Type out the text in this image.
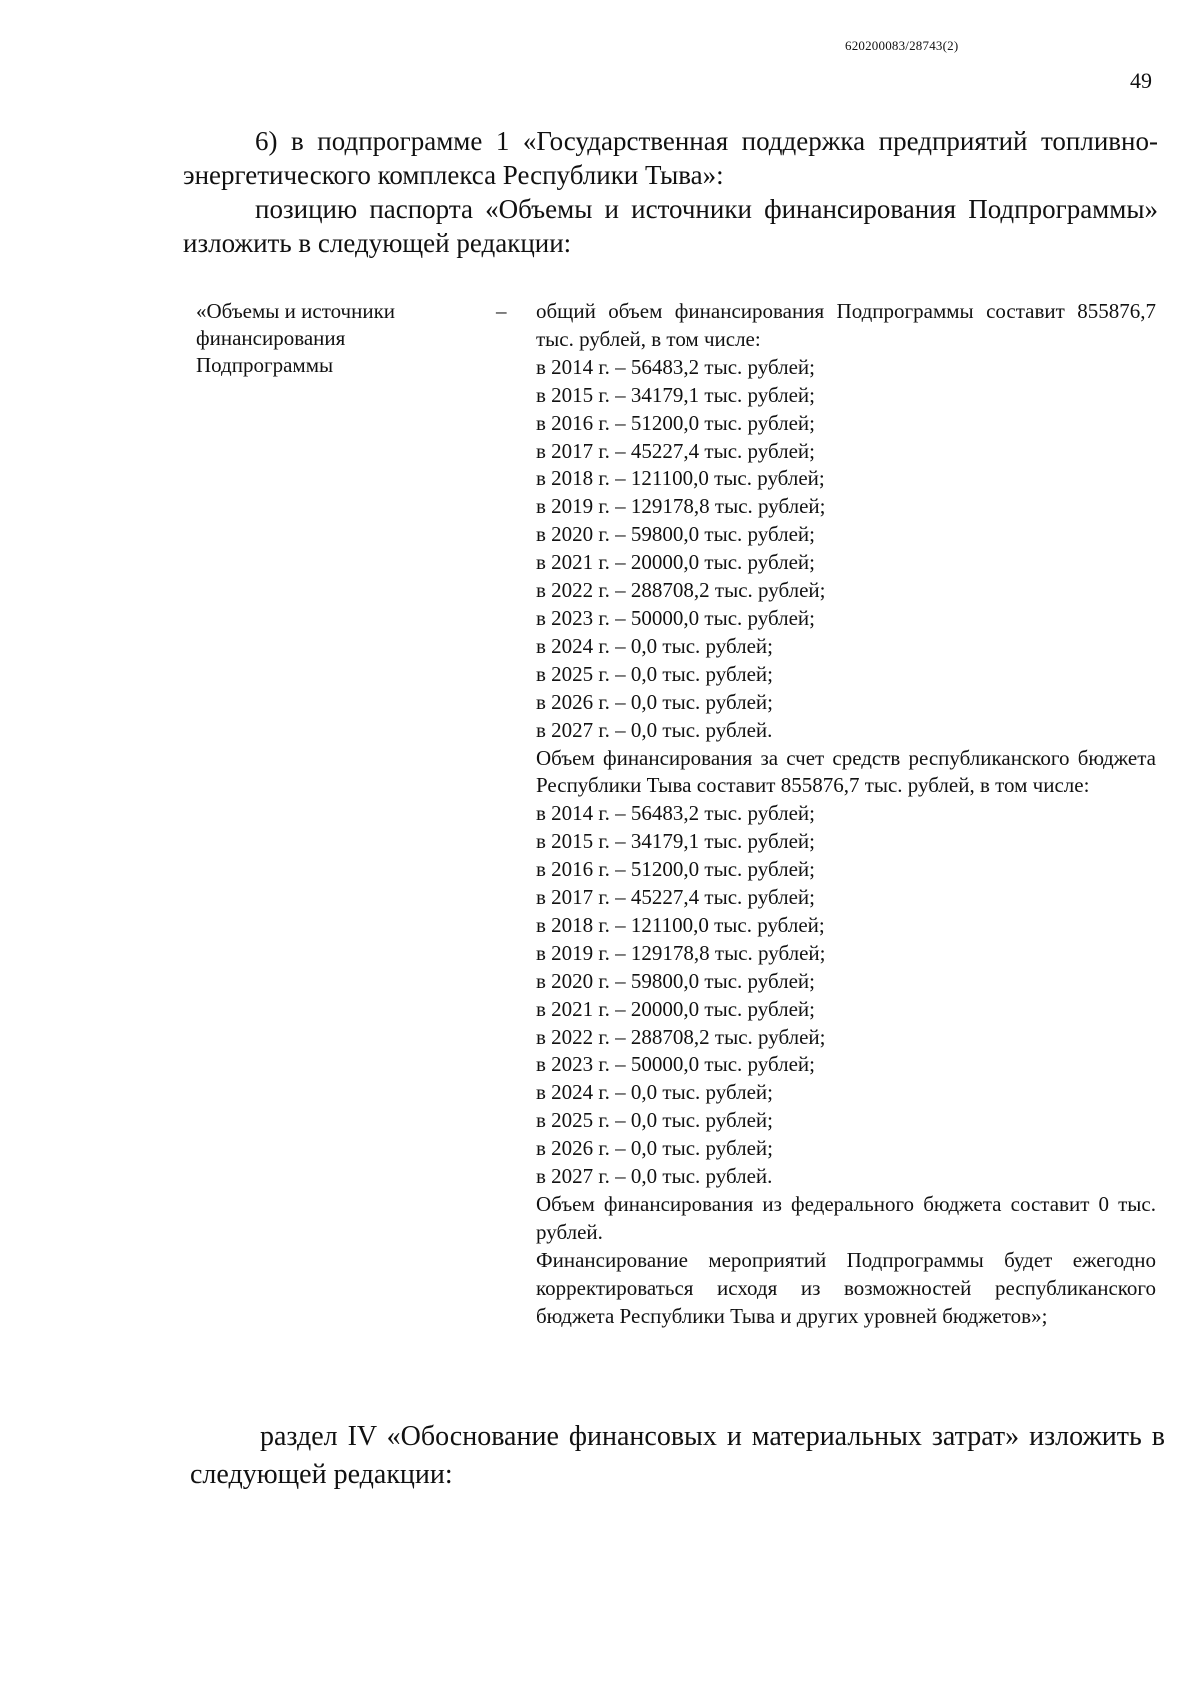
620200083/28743(2)
49

6) в подпрограмме 1 «Государственная поддержка предприятий топливно-энергетического комплекса Республики Тыва»:

позицию паспорта «Объемы и источники финансирования Подпрограммы» изложить в следующей редакции:

«Объемы и источники финансирования Подпрограммы
– общий объем финансирования Подпрограммы составит 855876,7 тыс. рублей, в том числе:
в 2014 г. – 56483,2 тыс. рублей;
в 2015 г. – 34179,1 тыс. рублей;
в 2016 г. – 51200,0 тыс. рублей;
в 2017 г. – 45227,4 тыс. рублей;
в 2018 г. – 121100,0 тыс. рублей;
в 2019 г. – 129178,8 тыс. рублей;
в 2020 г. – 59800,0 тыс. рублей;
в 2021 г. – 20000,0 тыс. рублей;
в 2022 г. – 288708,2 тыс. рублей;
в 2023 г. – 50000,0 тыс. рублей;
в 2024 г. – 0,0 тыс. рублей;
в 2025 г. – 0,0 тыс. рублей;
в 2026 г. – 0,0 тыс. рублей;
в 2027 г. – 0,0 тыс. рублей.
Объем финансирования за счет средств республиканского бюджета Республики Тыва составит 855876,7 тыс. рублей, в том числе:
в 2014 г. – 56483,2 тыс. рублей;
в 2015 г. – 34179,1 тыс. рублей;
в 2016 г. – 51200,0 тыс. рублей;
в 2017 г. – 45227,4 тыс. рублей;
в 2018 г. – 121100,0 тыс. рублей;
в 2019 г. – 129178,8 тыс. рублей;
в 2020 г. – 59800,0 тыс. рублей;
в 2021 г. – 20000,0 тыс. рублей;
в 2022 г. – 288708,2 тыс. рублей;
в 2023 г. – 50000,0 тыс. рублей;
в 2024 г. – 0,0 тыс. рублей;
в 2025 г. – 0,0 тыс. рублей;
в 2026 г. – 0,0 тыс. рублей;
в 2027 г. – 0,0 тыс. рублей.
Объем финансирования из федерального бюджета составит 0 тыс. рублей.
Финансирование мероприятий Подпрограммы будет ежегодно корректироваться исходя из возможностей республиканского бюджета Республики Тыва и других уровней бюджетов»;

раздел IV «Обоснование финансовых и материальных затрат» изложить в следующей редакции:
